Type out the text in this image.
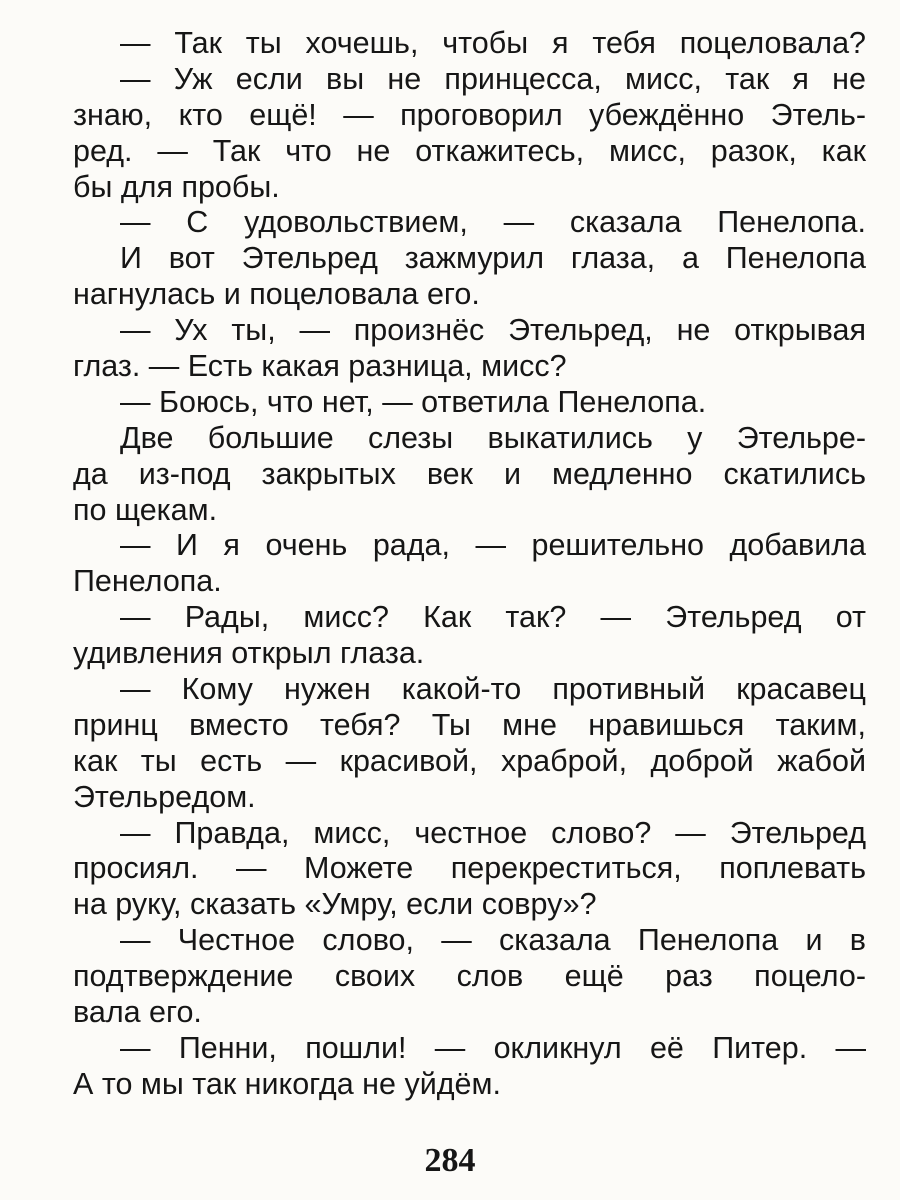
— Так ты хочешь, чтобы я тебя поцеловала?
— Уж если вы не принцесса, мисс, так я не
знаю, кто ещё! — проговорил убеждённо Этель-
ред. — Так что не откажитесь, мисс, разок, как
бы для пробы.
— С удовольствием, — сказала Пенелопа.
И вот Этельред зажмурил глаза, а Пенелопа
нагнулась и поцеловала его.
— Ух ты, — произнёс Этельред, не открывая
глаз. — Есть какая разница, мисс?
— Боюсь, что нет, — ответила Пенелопа.
Две большие слезы выкатились у Этельре-
да из-под закрытых век и медленно скатились
по щекам.
— И я очень рада, — решительно добавила
Пенелопа.
— Рады, мисс? Как так? — Этельред от
удивления открыл глаза.
— Кому нужен какой-то противный красавец
принц вместо тебя? Ты мне нравишься таким,
как ты есть — красивой, храброй, доброй жабой
Этельредом.
— Правда, мисс, честное слово? — Этельред
просиял. — Можете перекреститься, поплевать
на руку, сказать «Умру, если совру»?
— Честное слово, — сказала Пенелопа и в
подтверждение своих слов ещё раз поцело-
вала его.
— Пенни, пошли! — окликнул её Питер. —
А то мы так никогда не уйдём.
284
